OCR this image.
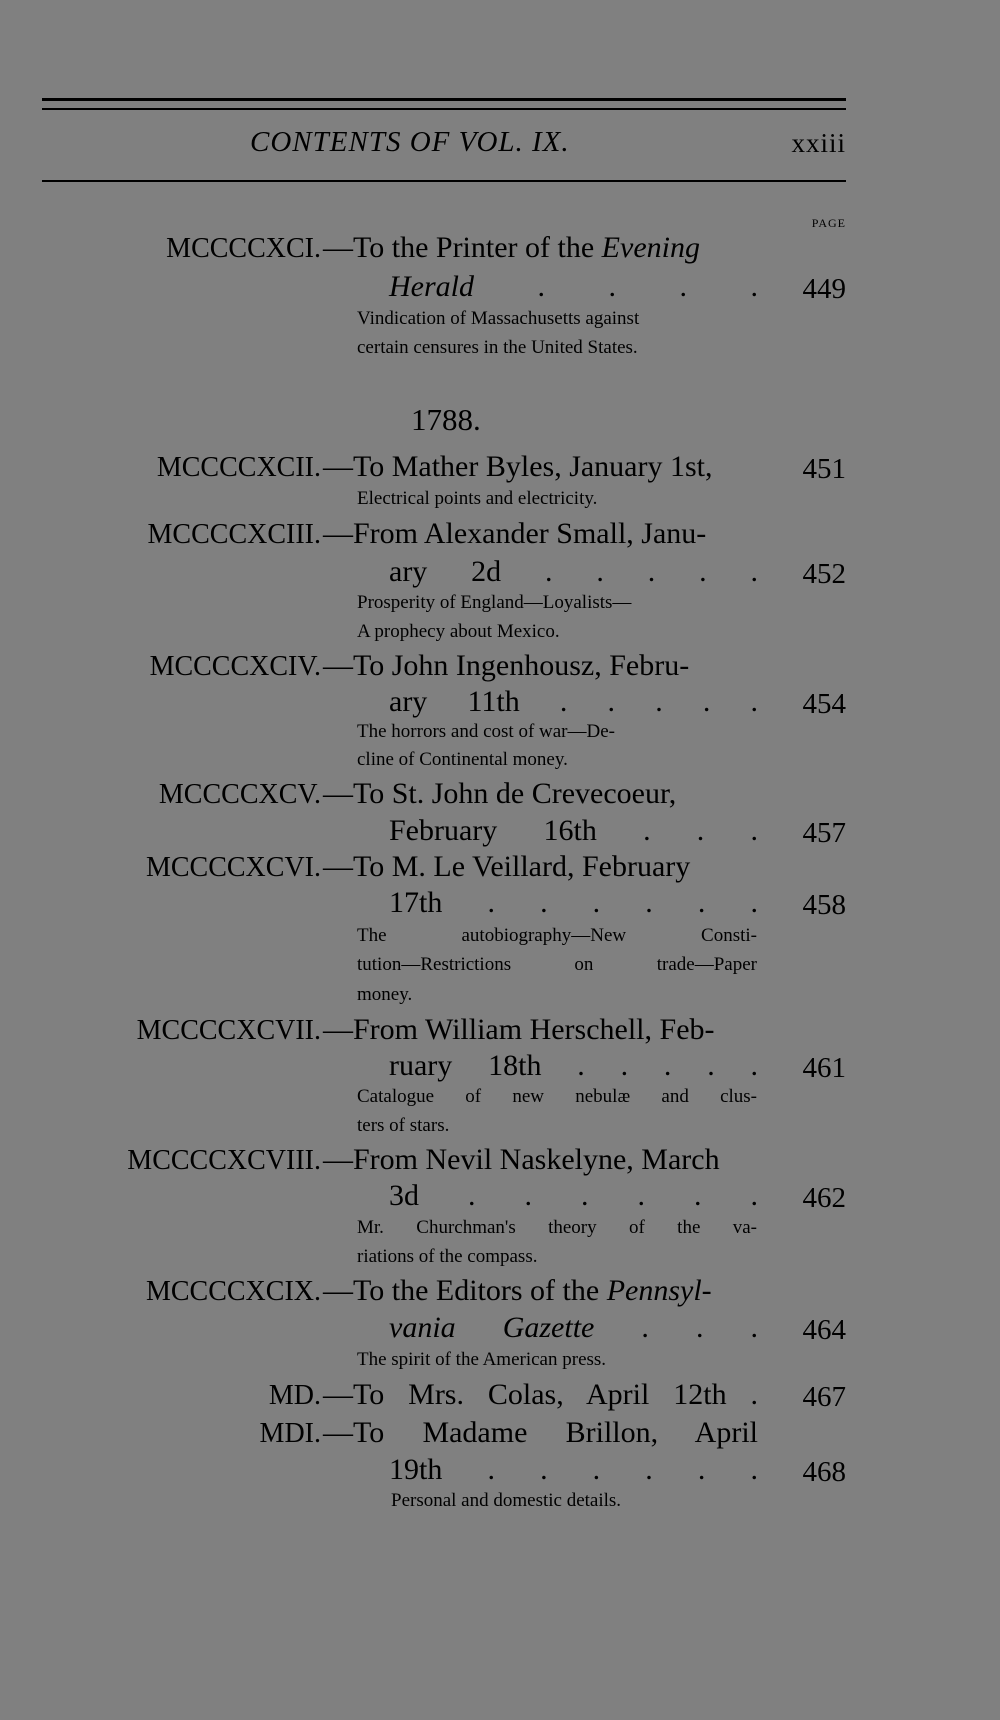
CONTENTS OF VOL. IX.	xxiii
PAGE
MCCCCXCI. —To the Printer of the Evening
Herald . . . . 449
Vindication of Massachusetts against
certain censures in the United States.
1788.
MCCCCXCII. —To Mather Byles, January 1st,	451
Electrical points and electricity.
MCCCCXCIII. —From Alexander Small, Janu-
ary 2d . . . . . 452
Prosperity of England—Loyalists—
A prophecy about Mexico.
MCCCCXCIV. —To John Ingenhousz, Febru-
ary 11th . . . . . 454
The horrors and cost of war—De-
cline of Continental money.
MCCCCXCV. —To St. John de Crevecoeur,
February 16th . . . 457
MCCCCXCVI. —To M. Le Veillard, February
17th . . . . . . 458
The autobiography—New Consti-
tution—Restrictions on trade—Paper
money.
MCCCCXCVII. —From William Herschell, Feb-
ruary 18th . . . . . 461
Catalogue of new nebulæ and clus-
ters of stars.
MCCCCXCVIII. —From Nevil Naskelyne, March
3d . . . . . . 462
Mr. Churchman's theory of the va-
riations of the compass.
MCCCCXCIX. —To the Editors of the Pennsyl-
vania Gazette . . . 464
The spirit of the American press.
MD. —To Mrs. Colas, April 12th . 467
MDI. —To Madame Brillon, April
19th . . . . . . 468
Personal and domestic details.
